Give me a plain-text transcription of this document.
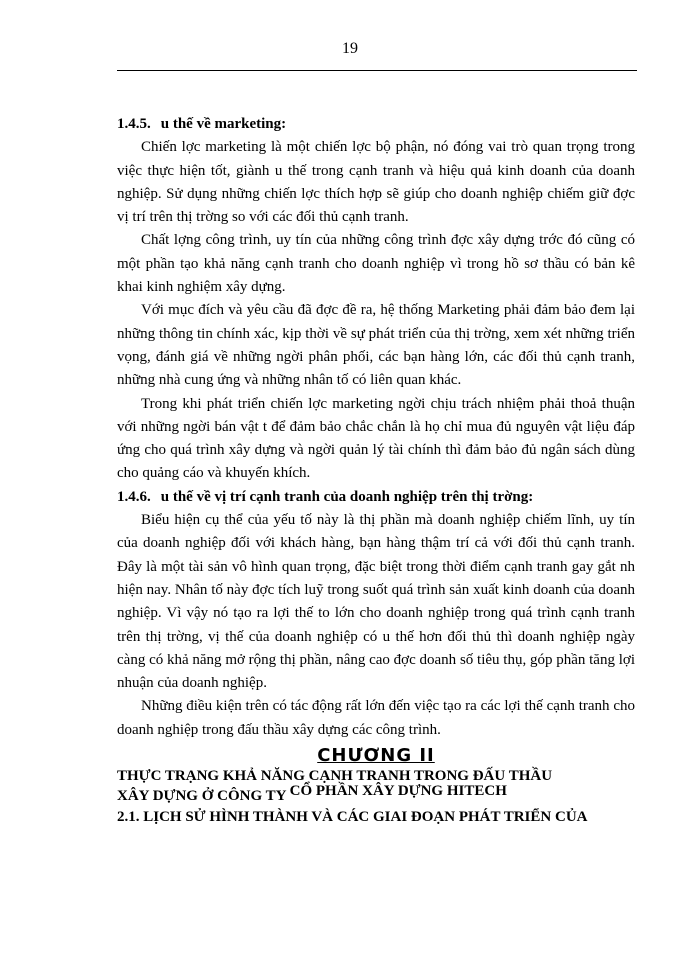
19

1.4.5. u thế về marketing:

Chiến lợc marketing là một chiến lợc bộ phận, nó đóng vai trò quan trọng trong việc thực hiện tốt, giành u thế trong cạnh tranh và hiệu quả kinh doanh của doanh nghiệp. Sử dụng những chiến lợc thích hợp sẽ giúp cho doanh nghiệp chiếm giữ đợc vị trí trên thị trờng so với các đối thủ cạnh tranh.

Chất lợng công trình, uy tín của những công trình đợc xây dựng trớc đó cũng có một phần tạo khả năng cạnh tranh cho doanh nghiệp vì trong hồ sơ thầu có bản kê khai kinh nghiệm xây dựng.

Với mục đích và yêu cầu đã đợc đề ra, hệ thống Marketing phải đảm bảo đem lại những thông tin chính xác, kịp thời về sự phát triển của thị trờng, xem xét những triển vọng, đánh giá về những ngời phân phối, các bạn hàng lớn, các đối thủ cạnh tranh, những nhà cung ứng và những nhân tố có liên quan khác.

Trong khi phát triển chiến lợc marketing ngời chịu trách nhiệm phải thoả thuận với những ngời bán vật t để đảm bảo chắc chắn là họ chỉ mua đủ nguyên vật liệu đáp ứng cho quá trình xây dựng và ngời quản lý tài chính thì đảm bảo đủ ngân sách dùng cho quảng cáo và khuyến khích.

1.4.6. u thế về vị trí cạnh tranh của doanh nghiệp trên thị trờng:

Biểu hiện cụ thể của yếu tố này là thị phần mà doanh nghiệp chiếm lĩnh, uy tín của doanh nghiệp đối với khách hàng, bạn hàng thậm trí cả với đối thủ cạnh tranh. Đây là một tài sản vô hình quan trọng, đặc biệt trong thời điểm cạnh tranh gay gắt nh hiện nay. Nhân tố này đợc tích luỹ trong suốt quá trình sản xuất kinh doanh của doanh nghiệp. Vì vậy nó tạo ra lợi thế to lớn cho doanh nghiệp trong quá trình cạnh tranh trên thị trờng, vị thế của doanh nghiệp có u thế hơn đối thủ thì doanh nghiệp ngày càng có khả năng mở rộng thị phần, nâng cao đợc doanh số tiêu thụ, góp phần tăng lợi nhuận của doanh nghiệp.

Những điều kiện trên có tác động rất lớn đến việc tạo ra các lợi thế cạnh tranh cho doanh nghiệp trong đấu thầu xây dựng các công trình.

CHƯƠNG II

THỰC TRẠNG KHẢ NĂNG CẠNH TRANH TRONG ĐẤU THẦU

XÂY DỰNG Ở CÔNG TY CỔ PHẦN XÂY DỰNG HITECH

2.1. LỊCH SỬ HÌNH THÀNH VÀ CÁC GIAI ĐOẠN PHÁT TRIỂN CỦA
